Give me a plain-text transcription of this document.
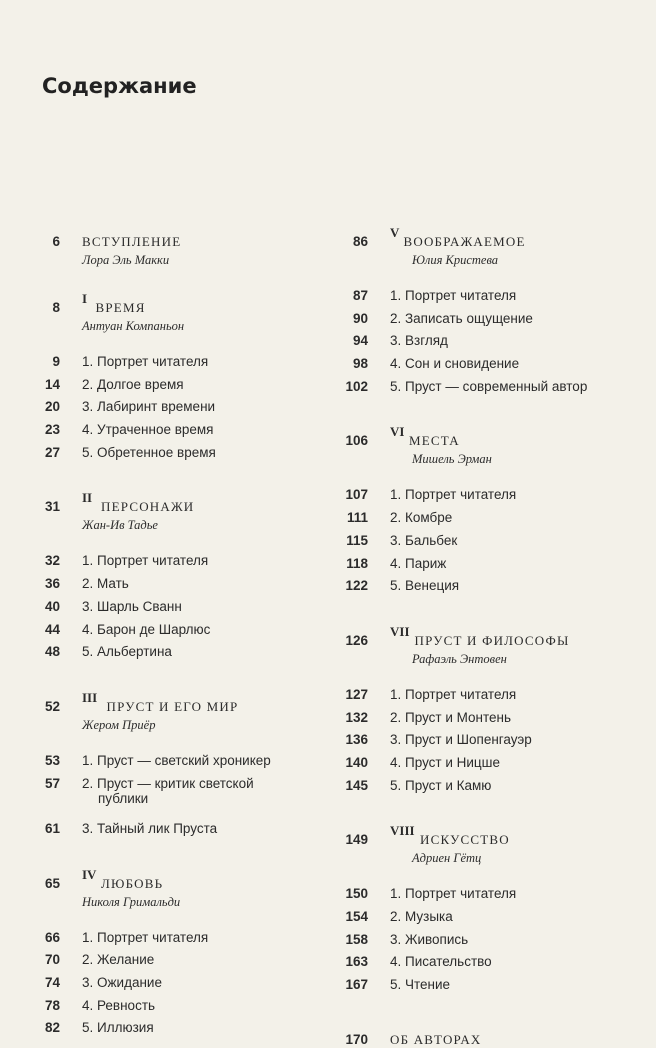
Содержание
6 ВСТУПЛЕНИЕ
Лора Эль Макки
8
I
ВРЕМЯ
Антуан Компаньон
9 1. Портрет читателя
14 2. Долгое время
20 3. Лабиринт времени
23 4. Утраченное время
27 5. Обретенное время
31
II
ПЕРСОНАЖИ
Жан-Ив Тадье
32 1. Портрет читателя
36 2. Мать
40 3. Шарль Сванн
44 4. Барон де Шарлюс
48 5. Альбертина
52
III
ПРУСТ И ЕГО МИР
Жером Приёр
53 1. Пруст — светский хроникер
57 2. Пруст — критик светской
публики
61 3. Тайный лик Пруста
65
IV
ЛЮБОВЬ
Николя Гримальди
66 1. Портрет читателя
70 2. Желание
74 3. Ожидание
78 4. Ревность
82 5. Иллюзия
86
V
ВООБРАЖАЕМОЕ
Юлия Кристева
87 1. Портрет читателя
90 2. Записать ощущение
94 3. Взгляд
98 4. Сон и сновидение
102 5. Пруст — современный автор
106
VI
МЕСТА
Мишель Эрман
107 1. Портрет читателя
111 2. Комбре
115 3. Бальбек
118 4. Париж
122 5. Венеция
126
VII
ПРУСТ И ФИЛОСОФЫ
Рафаэль Энтовен
127 1. Портрет читателя
132 2. Пруст и Монтень
136 3. Пруст и Шопенгауэр
140 4. Пруст и Ницше
145 5. Пруст и Камю
149
VIII
ИСКУССТВО
Адриен Гётц
150 1. Портрет читателя
154 2. Музыка
158 3. Живопись
163 4. Писательство
167 5. Чтение
170 ОБ АВТОРАХ
